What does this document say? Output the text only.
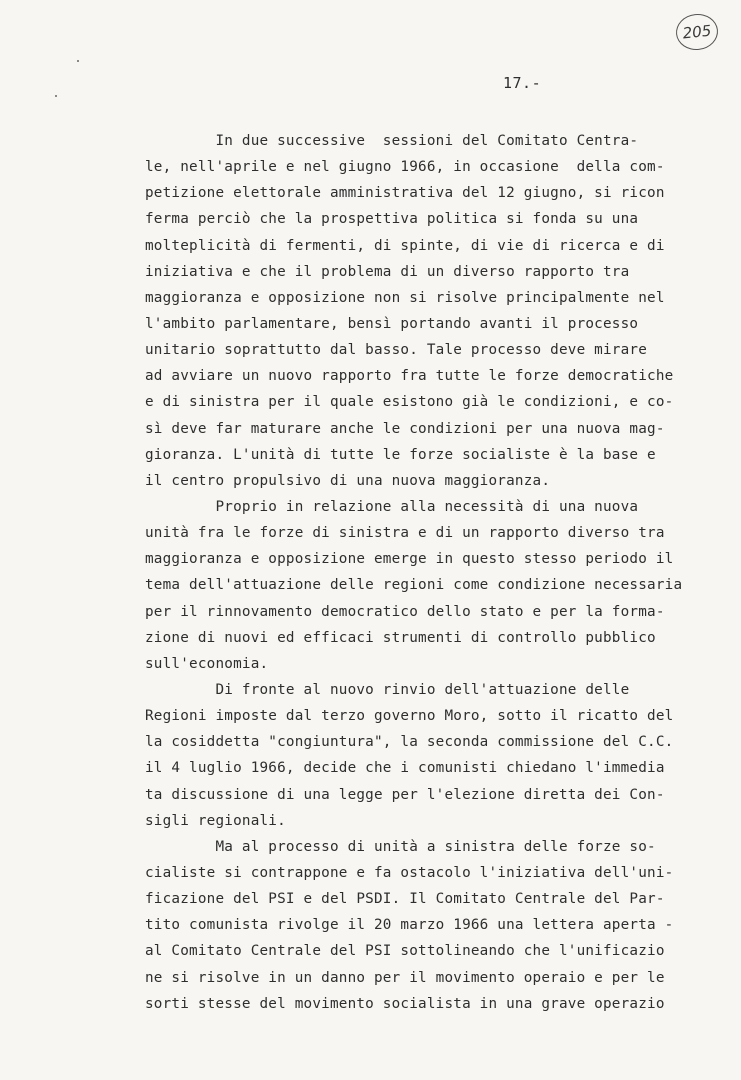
205
17.-
In due successive  sessioni del Comitato Centra-
le, nell'aprile e nel giugno 1966, in occasione  della com-
petizione elettorale amministrativa del 12 giugno, si ricon
ferma perciò che la prospettiva politica si fonda su una
molteplicità di fermenti, di spinte, di vie di ricerca e di
iniziativa e che il problema di un diverso rapporto tra
maggioranza e opposizione non si risolve principalmente nel
l'ambito parlamentare, bensì portando avanti il processo
unitario soprattutto dal basso. Tale processo deve mirare
ad avviare un nuovo rapporto fra tutte le forze democratiche
e di sinistra per il quale esistono già le condizioni, e co-
sì deve far maturare anche le condizioni per una nuova mag-
gioranza. L'unità di tutte le forze socialiste è la base e
il centro propulsivo di una nuova maggioranza.
Proprio in relazione alla necessità di una nuova
unità fra le forze di sinistra e di un rapporto diverso tra
maggioranza e opposizione emerge in questo stesso periodo il
tema dell'attuazione delle regioni come condizione necessaria
per il rinnovamento democratico dello stato e per la forma-
zione di nuovi ed efficaci strumenti di controllo pubblico
sull'economia.
Di fronte al nuovo rinvio dell'attuazione delle
Regioni imposte dal terzo governo Moro, sotto il ricatto del
la cosiddetta "congiuntura", la seconda commissione del C.C.
il 4 luglio 1966, decide che i comunisti chiedano l'immedia
ta discussione di una legge per l'elezione diretta dei Con-
sigli regionali.
Ma al processo di unità a sinistra delle forze so-
cialiste si contrappone e fa ostacolo l'iniziativa dell'uni-
ficazione del PSI e del PSDI. Il Comitato Centrale del Par-
tito comunista rivolge il 20 marzo 1966 una lettera aperta -
al Comitato Centrale del PSI sottolineando che l'unificazio
ne si risolve in un danno per il movimento operaio e per le
sorti stesse del movimento socialista in una grave operazio
